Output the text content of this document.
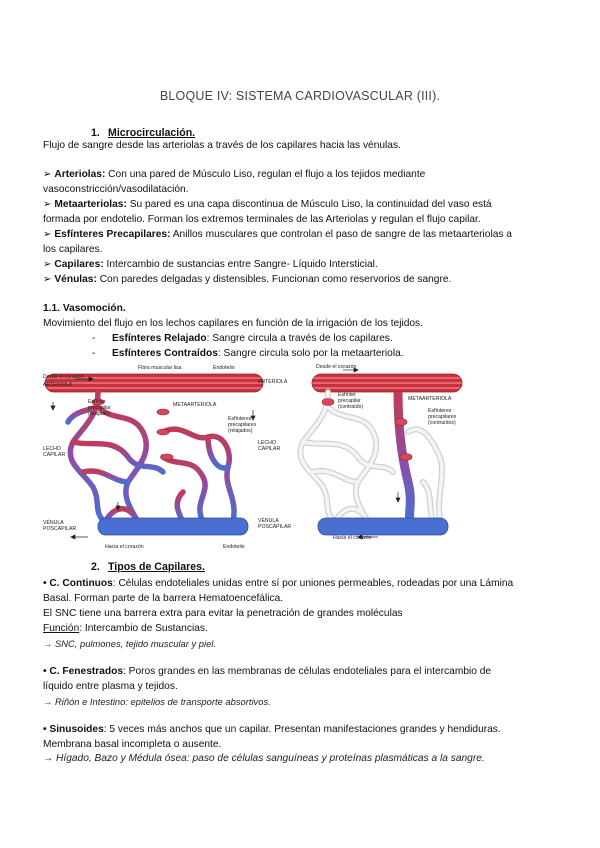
BLOQUE IV: SISTEMA CARDIOVASCULAR (III).
1. Microcirculación.
Flujo de sangre desde las arteriolas a través de los capilares hacia las vénulas.
➢ Arteriolas: Con una pared de Músculo Liso, regulan el flujo a los tejidos mediante
vasoconstricción/vasodilatación.
➢ Metaarteriolas: Su pared es una capa discontinua de Músculo Liso, la continuidad del vaso está
formada por endotelio. Forman los extremos terminales de las Arteriolas y regulan el flujo capilar.
➢ Esfínteres Precapilares: Anillos musculares que controlan el paso de sangre de las metaarteriolas a
los capilares.
➢ Capilares: Intercambio de sustancias entre Sangre- Líquido Intersticial.
➢ Vénulas: Con paredes delgadas y distensibles. Funcionan como reservorios de sangre.
1.1. Vasomoción.
Movimiento del flujo en los lechos capilares en función de la irrigación de los tejidos.
- Esfínteres Relajado: Sangre circula a través de los capilares.
- Esfínteres Contraídos: Sangre circula solo por la metaarteriola.
Fibra muscular lisa	Endotelio
Desde el corazón
ARTERIOLA
Esfínter
precapilar
(relajado)
METAARTERIOLA
Esfínteres
precapilares
(relajados)
LECHO
CAPILAR
VÉNULA
POSCAPILAR
Hacia el corazón	Endotelio
Desde el corazón
ARTERIOLA
Esfínter
precapilar
(contraído)
METAARTERIOLA
Esfínteres
precapilares
(contraídos)
LECHO
CAPILAR
VÉNULA
POSCAPILAR
Hacia el corazón
2. Tipos de Capilares.
• C. Continuos: Células endoteliales unidas entre sí por uniones permeables, rodeadas por una Lámina
Basal. Forman parte de la barrera Hematoencefálica.
El SNC tiene una barrera extra para evitar la penetración de grandes moléculas
Función: Intercambio de Sustancias.
→ SNC, pulmones, tejido muscular y piel.
• C. Fenestrados: Poros grandes en las membranas de células endoteliales para el intercambio de
líquido entre plasma y tejidos.
→ Riñón e Intestino: epitelios de transporte absortivos.
• Sinusoides: 5 veces más anchos que un capilar. Presentan manifestaciones grandes y hendiduras.
Membrana basal incompleta o ausente.
→ Hígado, Bazo y Médula ósea: paso de células sanguíneas y proteínas plasmáticas a la sangre.
